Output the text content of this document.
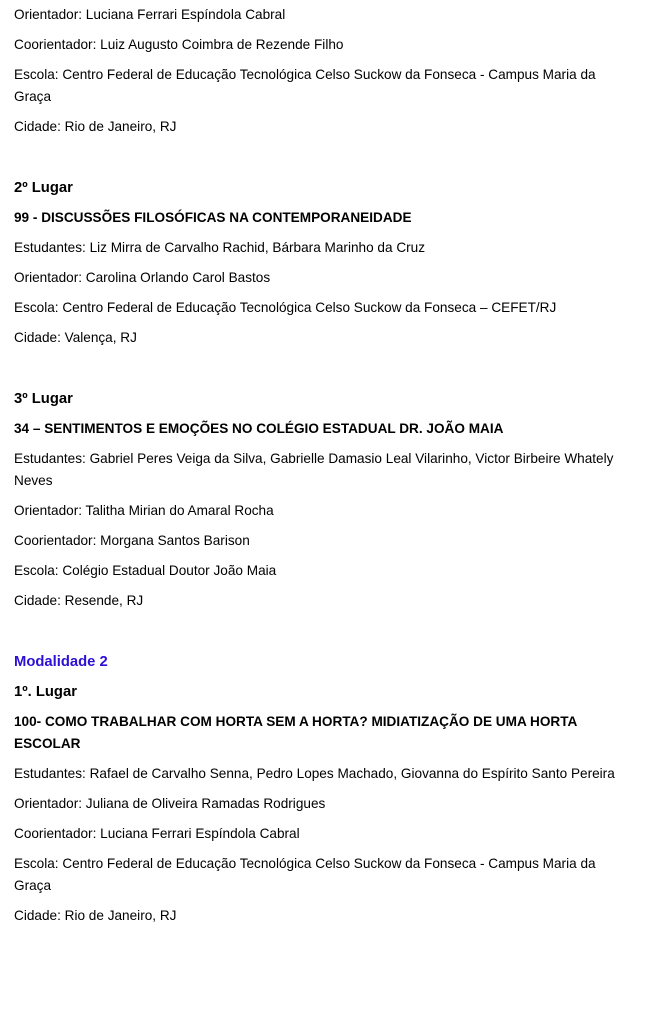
Orientador: Luciana Ferrari Espíndola Cabral

Coorientador: Luiz Augusto Coimbra de Rezende Filho

Escola: Centro Federal de Educação Tecnológica Celso Suckow da Fonseca - Campus Maria da Graça

Cidade: Rio de Janeiro, RJ

2º Lugar

99 - DISCUSSÕES FILOSÓFICAS NA CONTEMPORANEIDADE

Estudantes: Liz Mirra de Carvalho Rachid, Bárbara Marinho da Cruz

Orientador: Carolina Orlando Carol Bastos

Escola: Centro Federal de Educação Tecnológica Celso Suckow da Fonseca – CEFET/RJ

Cidade: Valença, RJ

3º Lugar

34 – SENTIMENTOS E EMOÇÕES NO COLÉGIO ESTADUAL DR. JOÃO MAIA

Estudantes: Gabriel Peres Veiga da Silva, Gabrielle Damasio Leal Vilarinho, Victor Birbeire Whately Neves

Orientador: Talitha Mirian do Amaral Rocha

Coorientador: Morgana Santos Barison

Escola: Colégio Estadual Doutor João Maia

Cidade: Resende, RJ

Modalidade 2

1º. Lugar

100- COMO TRABALHAR COM HORTA SEM A HORTA? MIDIATIZAÇÃO DE UMA HORTA ESCOLAR

Estudantes: Rafael de Carvalho Senna, Pedro Lopes Machado, Giovanna do Espírito Santo Pereira

Orientador: Juliana de Oliveira Ramadas Rodrigues

Coorientador: Luciana Ferrari Espíndola Cabral

Escola: Centro Federal de Educação Tecnológica Celso Suckow da Fonseca - Campus Maria da Graça

Cidade: Rio de Janeiro, RJ
